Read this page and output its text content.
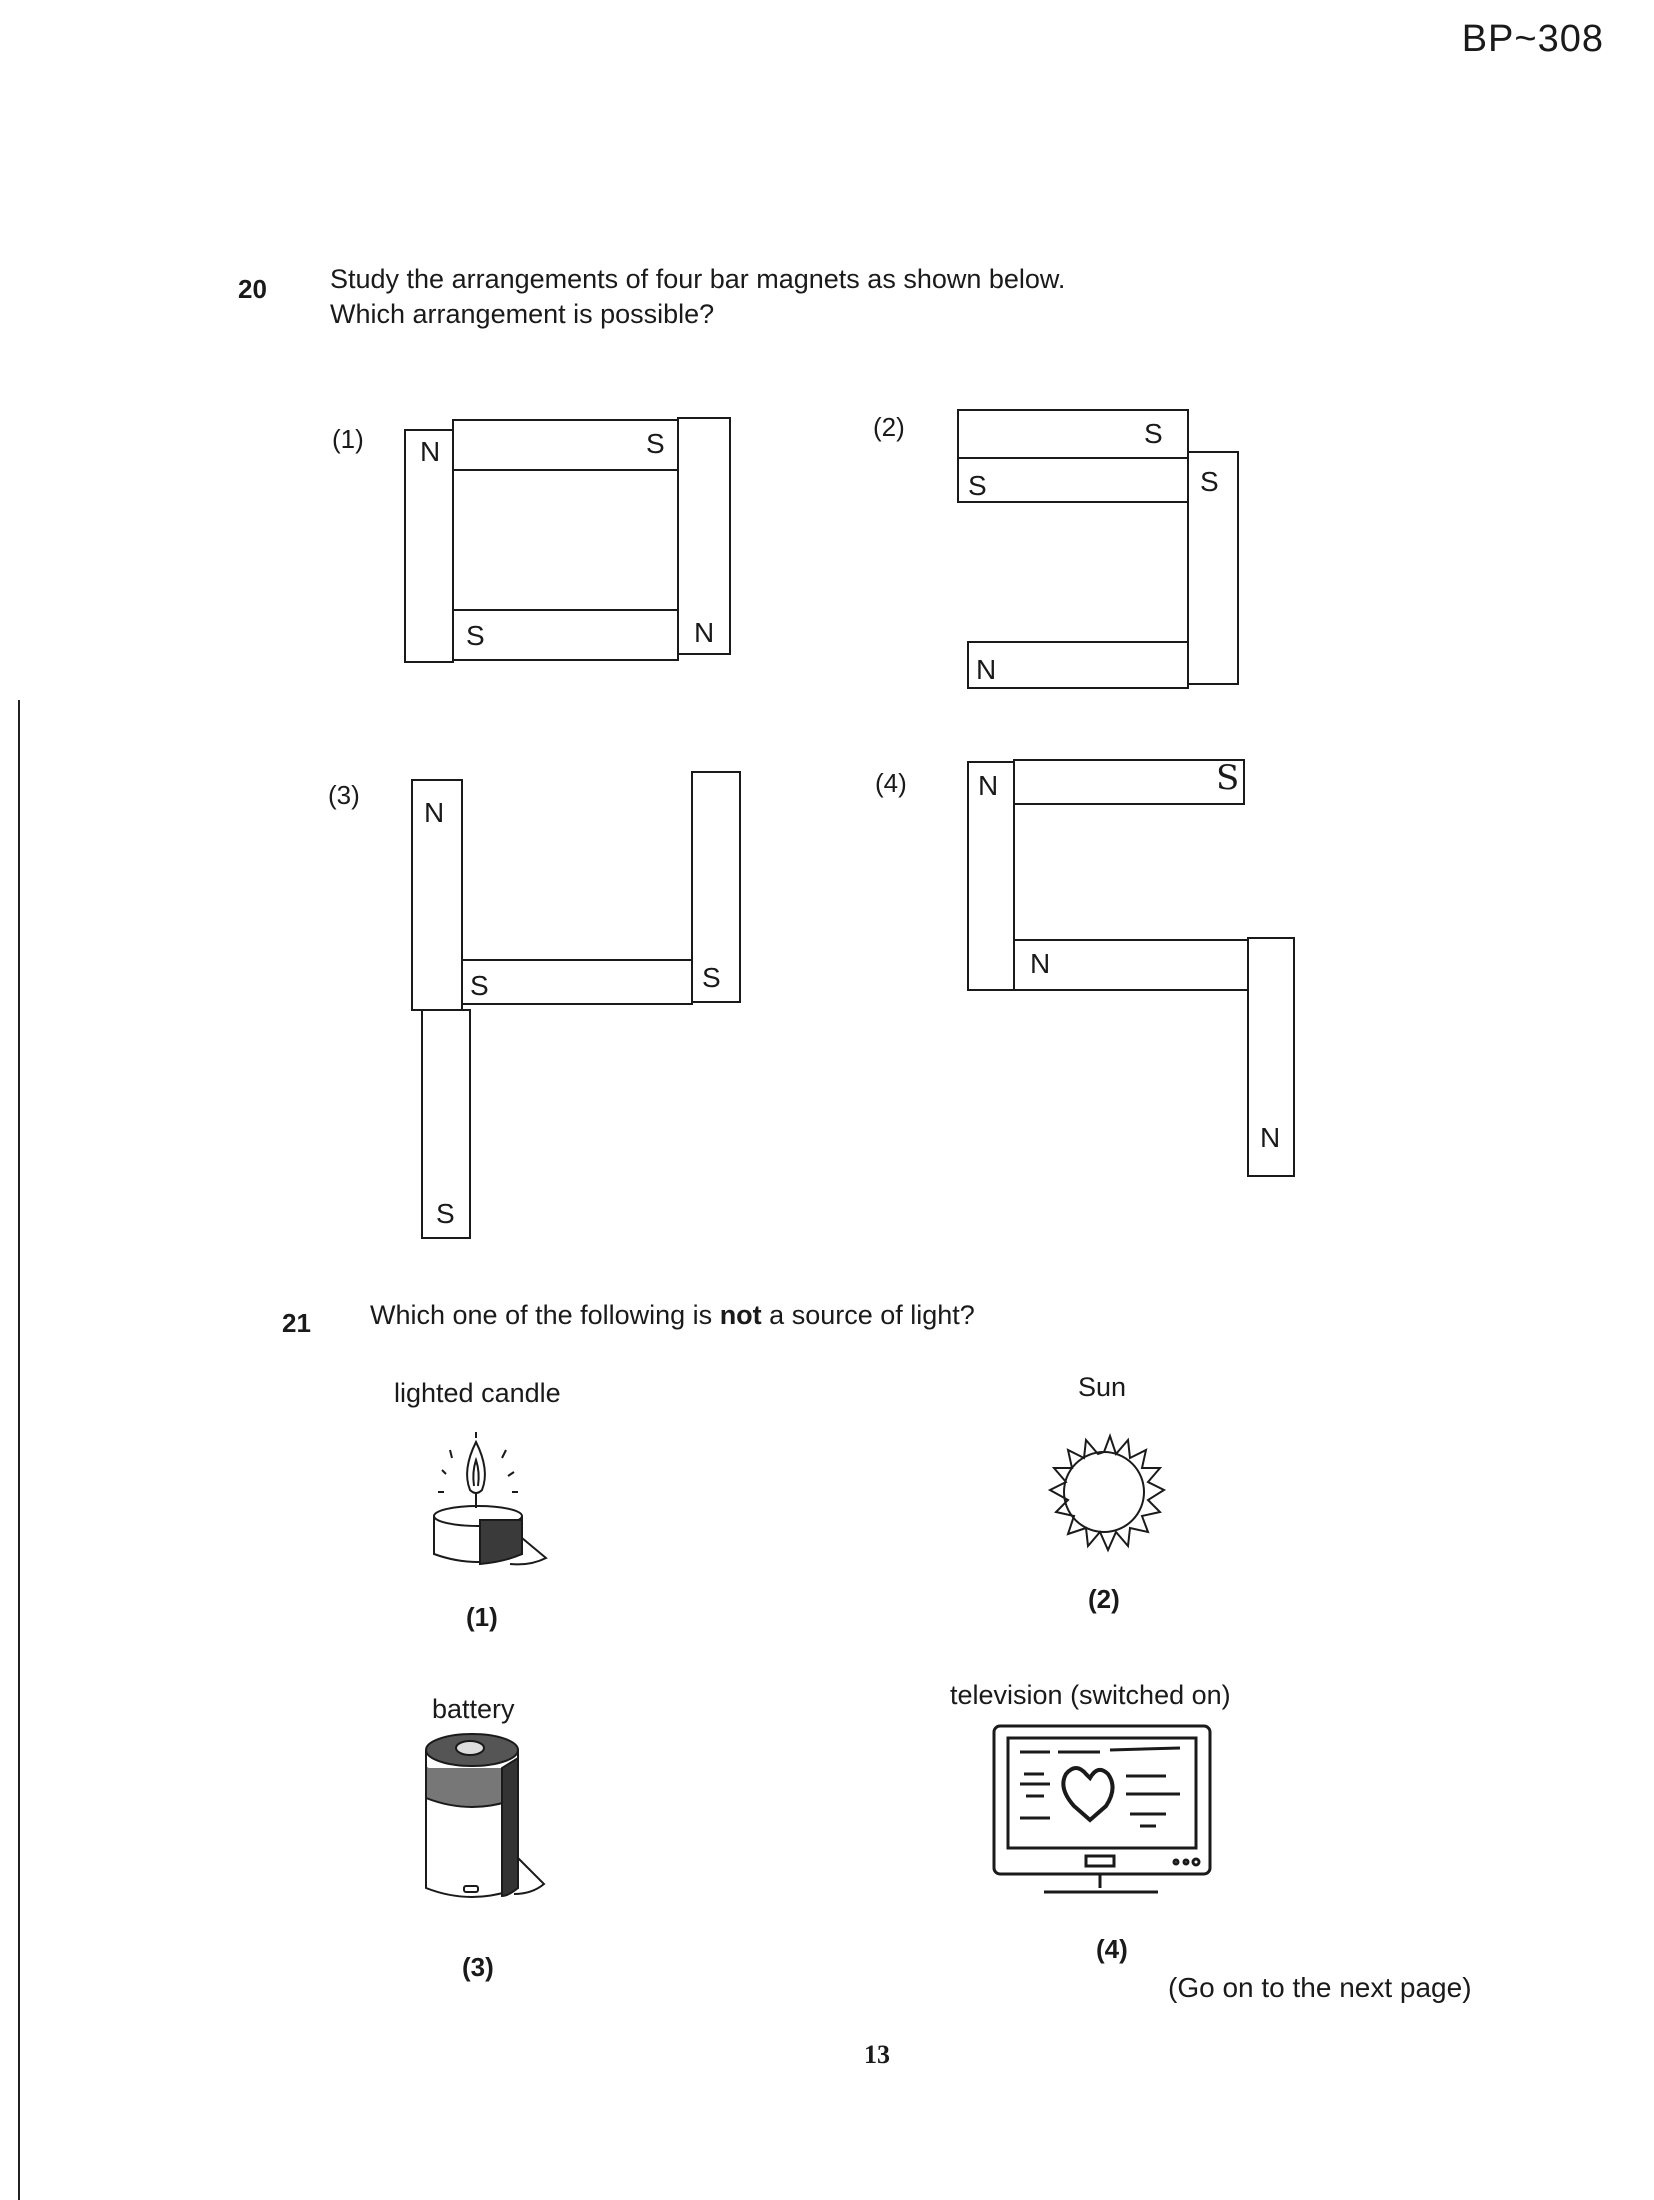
BP~308
20 Study the arrangements of four bar magnets as shown below.
Which arrangement is possible?
(1)	(2)
(3)	(4)
N	S
S	N
S
S	S
N
N
S	S
S
N	S
N
N
21 Which one of the following is not a source of light?
lighted candle	Sun
battery	television (switched on)
(1)
(2)
(3)
(4)
(Go on to the next page)
13
